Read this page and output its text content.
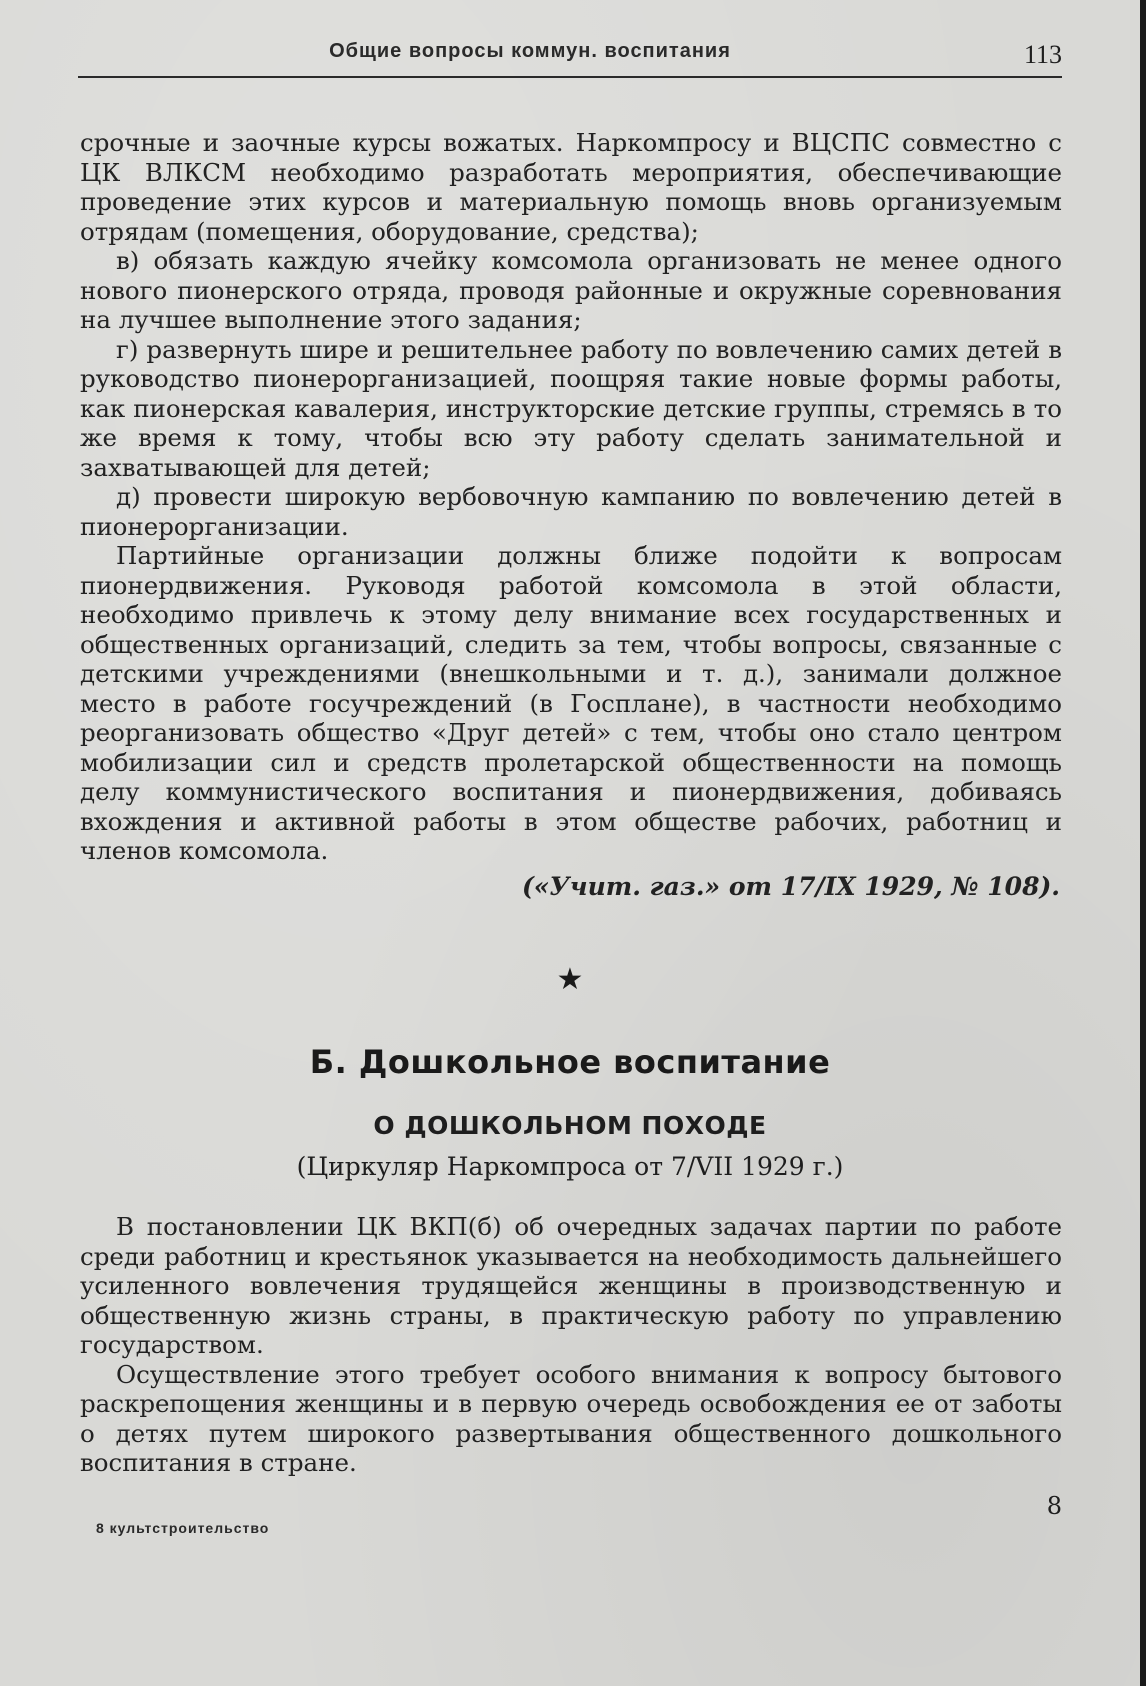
Общие вопросы коммун. воспитания	113

срочные и заочные курсы вожатых. Наркомпросу и ВЦСПС совместно с ЦК ВЛКСМ необходимо разработать мероприятия, обеспечивающие проведение этих курсов и материальную помощь вновь организуемым отрядам (помещения, оборудование, средства);

в) обязать каждую ячейку комсомола организовать не менее одного нового пионерского отряда, проводя районные и окружные соревнования на лучшее выполнение этого задания;

г) развернуть шире и решительнее работу по вовлечению самих детей в руководство пионерорганизацией, поощряя такие новые формы работы, как пионерская кавалерия, инструкторские детские группы, стремясь в то же время к тому, чтобы всю эту работу сделать занимательной и захватывающей для детей;

д) провести широкую вербовочную кампанию по вовлечению детей в пионерорганизации.

Партийные организации должны ближе подойти к вопросам пионердвижения. Руководя работой комсомола в этой области, необходимо привлечь к этому делу внимание всех государственных и общественных организаций, следить за тем, чтобы вопросы, связанные с детскими учреждениями (внешкольными и т. д.), занимали должное место в работе госучреждений (в Госплане), в частности необходимо реорганизовать общество «Друг детей» с тем, чтобы оно стало центром мобилизации сил и средств пролетарской общественности на помощь делу коммунистического воспитания и пионердвижения, добиваясь вхождения и активной работы в этом обществе рабочих, работниц и членов комсомола.

(«Учит. газ.» от 17/IX 1929, № 108).
★
Б. Дошкольное воспитание
О ДОШКОЛЬНОМ ПОХОДЕ
(Циркуляр Наркомпроса от 7/VII 1929 г.)

В постановлении ЦК ВКП(б) об очередных задачах партии по работе среди работниц и крестьянок указывается на необходимость дальнейшего усиленного вовлечения трудящейся женщины в производственную и общественную жизнь страны, в практическую работу по управлению государством.

Осуществление этого требует особого внимания к вопросу бытового раскрепощения женщины и в первую очередь освобождения ее от заботы о детях путем широкого развертывания общественного дошкольного воспитания в стране.

8
8 культстроительство
